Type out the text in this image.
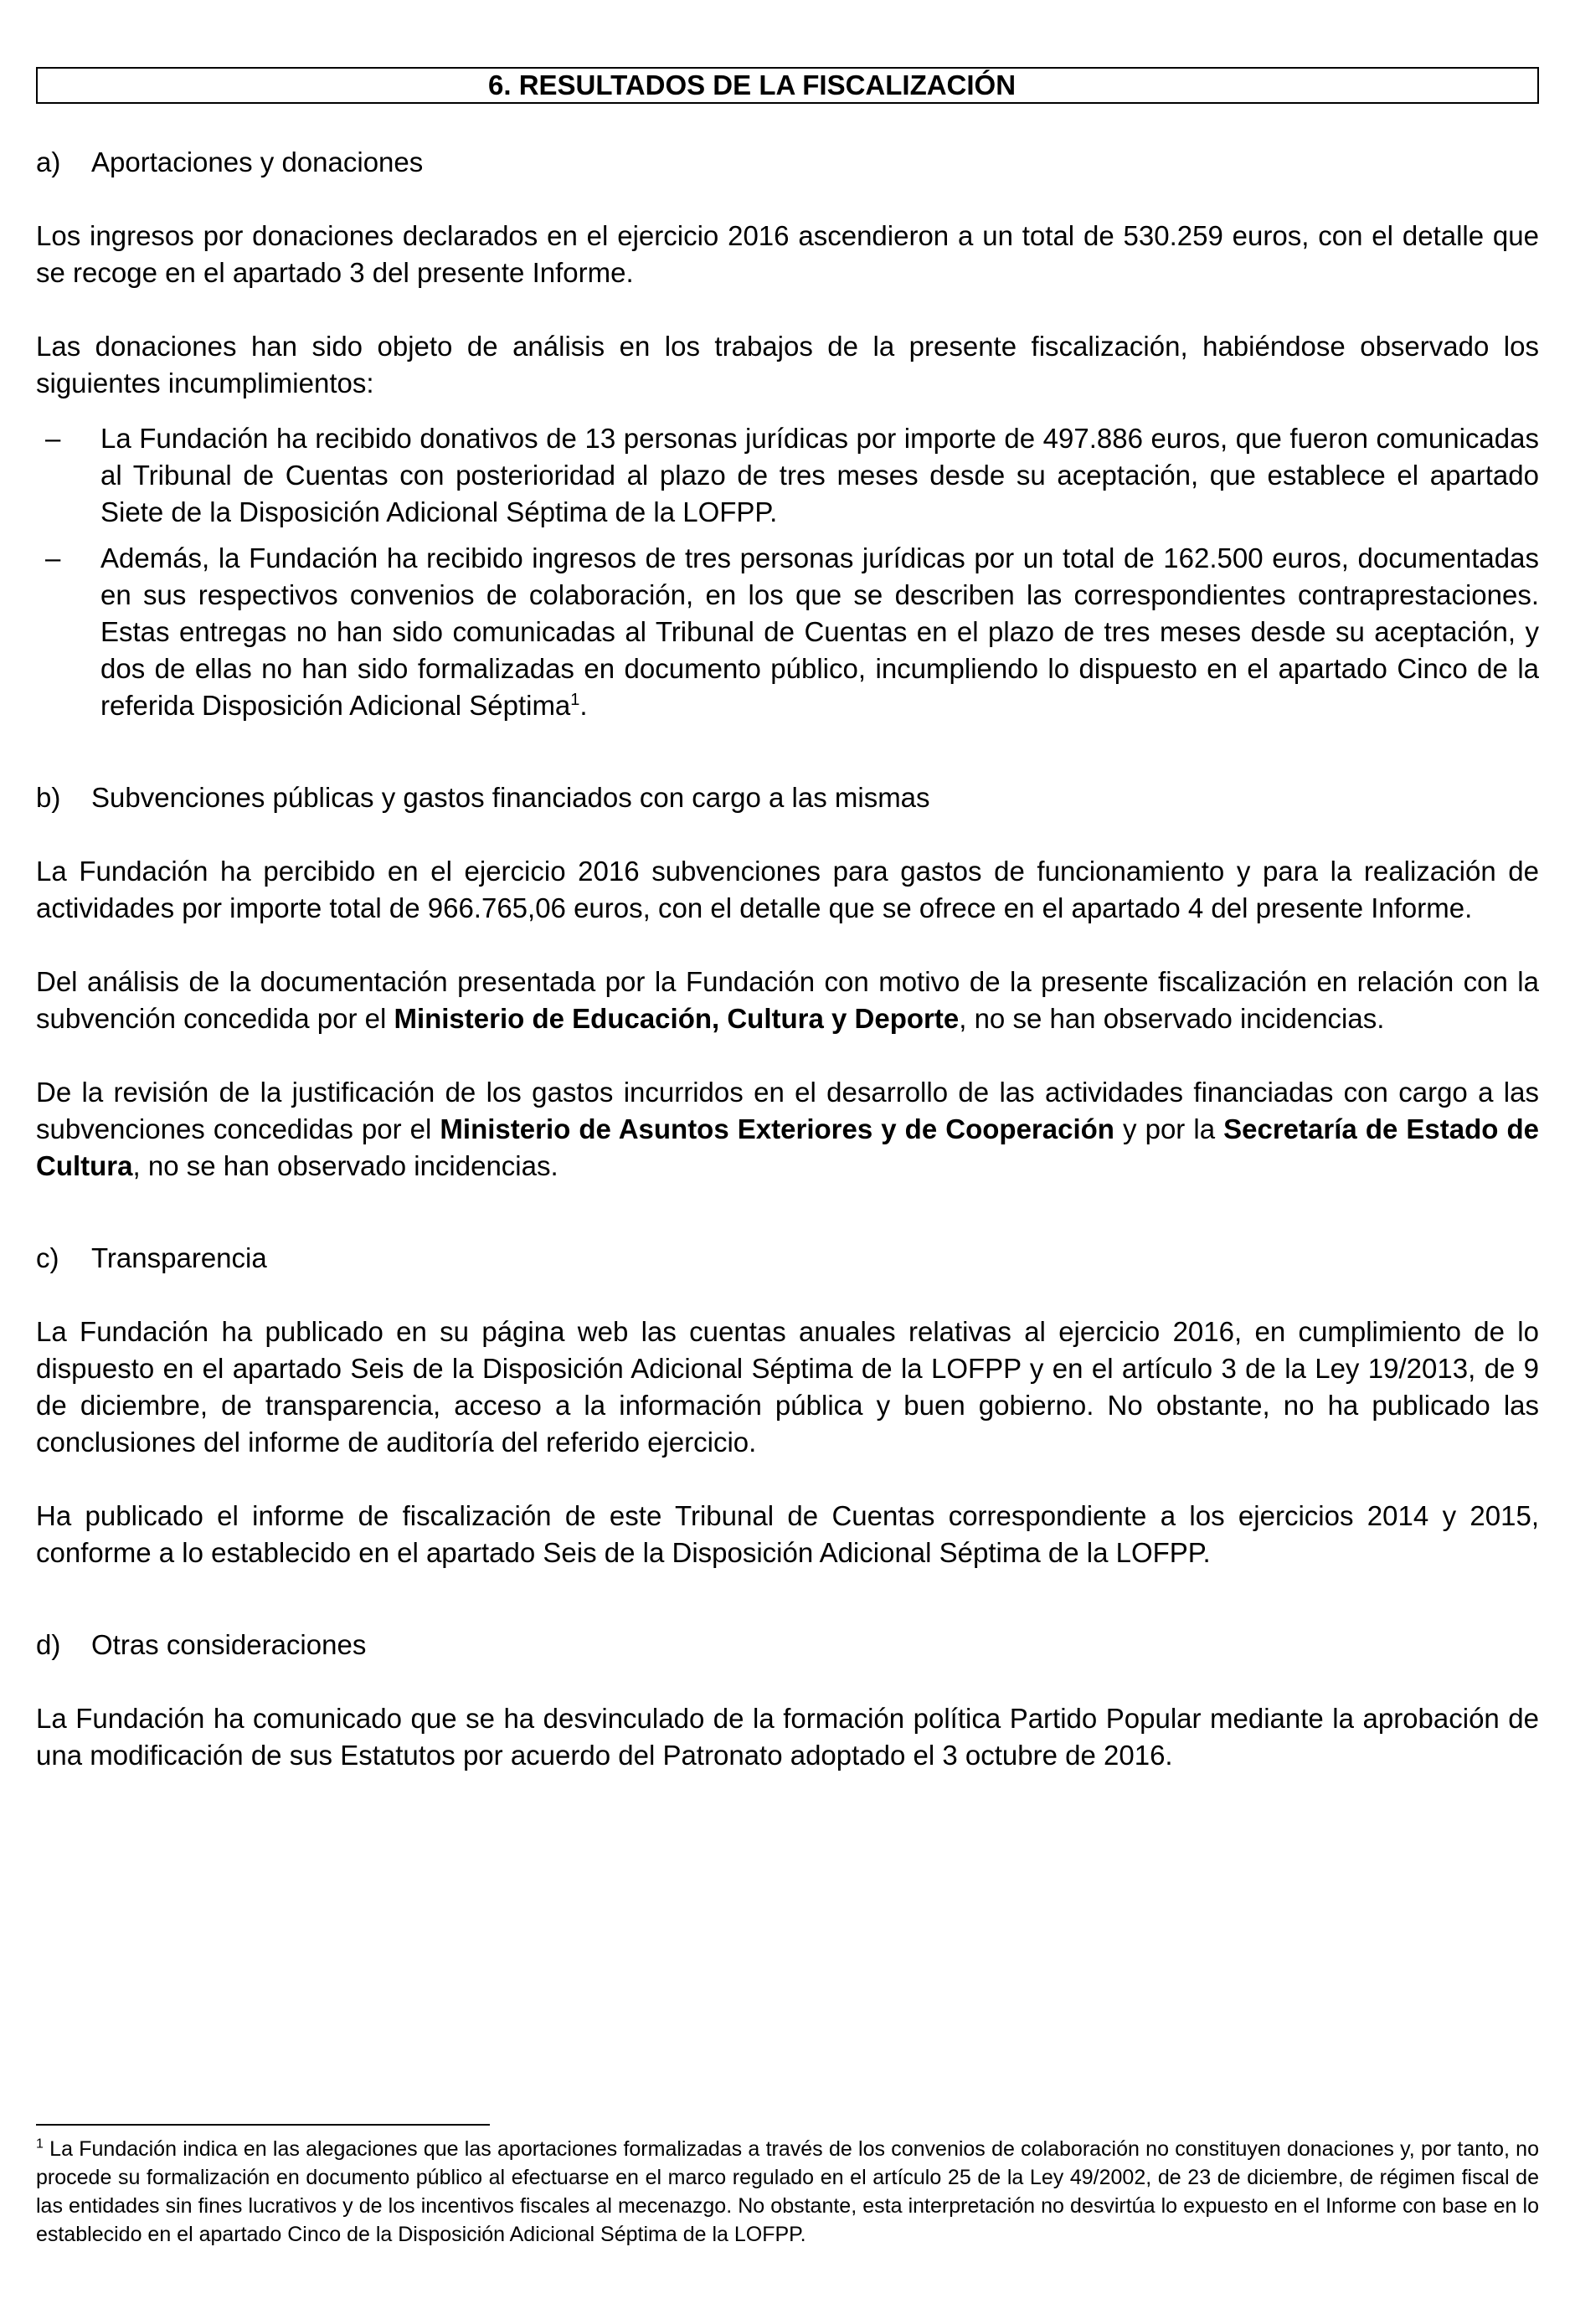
6. RESULTADOS DE LA FISCALIZACIÓN
a) Aportaciones y donaciones

Los ingresos por donaciones declarados en el ejercicio 2016 ascendieron a un total de 530.259 euros, con el detalle que se recoge en el apartado 3 del presente Informe.

Las donaciones han sido objeto de análisis en los trabajos de la presente fiscalización, habiéndose observado los siguientes incumplimientos:

– La Fundación ha recibido donativos de 13 personas jurídicas por importe de 497.886 euros, que fueron comunicadas al Tribunal de Cuentas con posterioridad al plazo de tres meses desde su aceptación, que establece el apartado Siete de la Disposición Adicional Séptima de la LOFPP.
– Además, la Fundación ha recibido ingresos de tres personas jurídicas por un total de 162.500 euros, documentadas en sus respectivos convenios de colaboración, en los que se describen las correspondientes contraprestaciones. Estas entregas no han sido comunicadas al Tribunal de Cuentas en el plazo de tres meses desde su aceptación, y dos de ellas no han sido formalizadas en documento público, incumpliendo lo dispuesto en el apartado Cinco de la referida Disposición Adicional Séptima$^1$.
b) Subvenciones públicas y gastos financiados con cargo a las mismas

La Fundación ha percibido en el ejercicio 2016 subvenciones para gastos de funcionamiento y para la realización de actividades por importe total de 966.765,06 euros, con el detalle que se ofrece en el apartado 4 del presente Informe.

Del análisis de la documentación presentada por la Fundación con motivo de la presente fiscalización en relación con la subvención concedida por el Ministerio de Educación, Cultura y Deporte, no se han observado incidencias.

De la revisión de la justificación de los gastos incurridos en el desarrollo de las actividades financiadas con cargo a las subvenciones concedidas por el Ministerio de Asuntos Exteriores y de Cooperación y por la Secretaría de Estado de Cultura, no se han observado incidencias.

c) Transparencia

La Fundación ha publicado en su página web las cuentas anuales relativas al ejercicio 2016, en cumplimiento de lo dispuesto en el apartado Seis de la Disposición Adicional Séptima de la LOFPP y en el artículo 3 de la Ley 19/2013, de 9 de diciembre, de transparencia, acceso a la información pública y buen gobierno. No obstante, no ha publicado las conclusiones del informe de auditoría del referido ejercicio.

Ha publicado el informe de fiscalización de este Tribunal de Cuentas correspondiente a los ejercicios 2014 y 2015, conforme a lo establecido en el apartado Seis de la Disposición Adicional Séptima de la LOFPP.

d) Otras consideraciones

La Fundación ha comunicado que se ha desvinculado de la formación política Partido Popular mediante la aprobación de una modificación de sus Estatutos por acuerdo del Patronato adoptado el 3 octubre de 2016.

$^1$ La Fundación indica en las alegaciones que las aportaciones formalizadas a través de los convenios de colaboración no constituyen donaciones y, por tanto, no procede su formalización en documento público al efectuarse en el marco regulado en el artículo 25 de la Ley 49/2002, de 23 de diciembre, de régimen fiscal de las entidades sin fines lucrativos y de los incentivos fiscales al mecenazgo. No obstante, esta interpretación no desvirtúa lo expuesto en el Informe con base en lo establecido en el apartado Cinco de la Disposición Adicional Séptima de la LOFPP.
